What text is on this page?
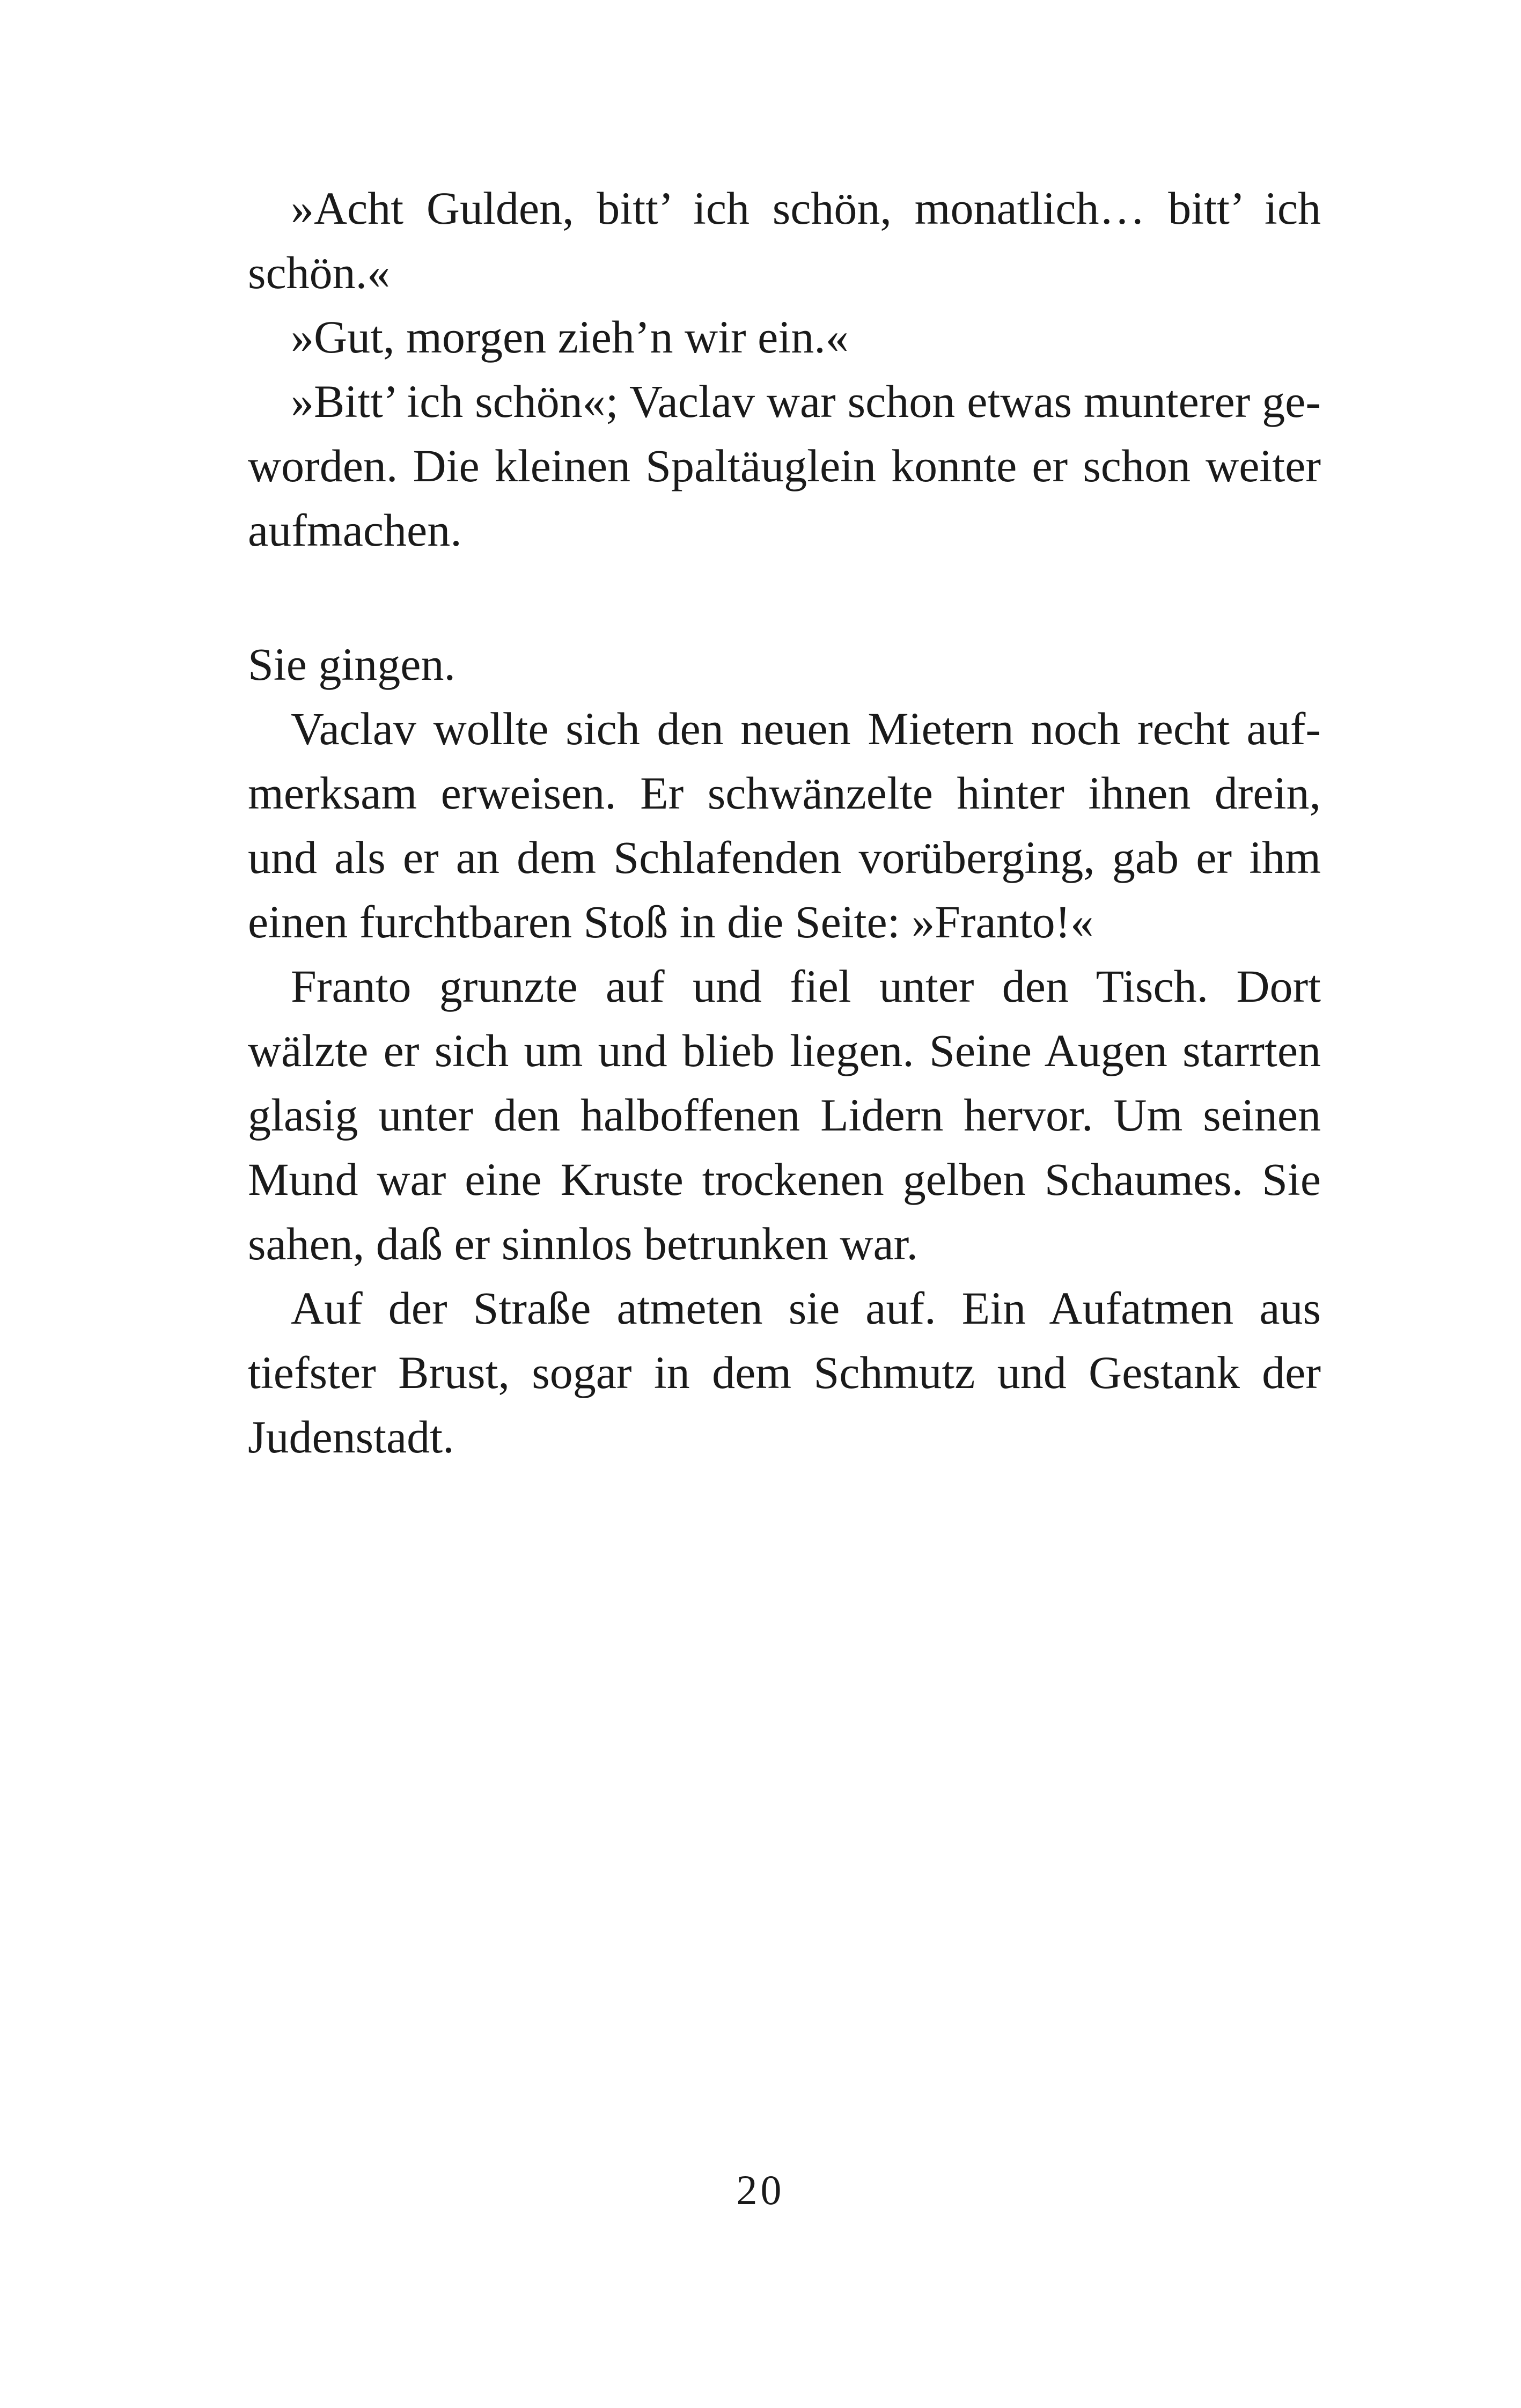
»Acht Gulden, bitt’ ich schön, monatlich… bitt’ ich
schön.«
»Gut, morgen zieh’n wir ein.«
»Bitt’ ich schön«; Vaclav war schon etwas munterer ge-
worden. Die kleinen Spaltäuglein konnte er schon weiter
aufmachen.
Sie gingen.
Vaclav wollte sich den neuen Mietern noch recht auf-
merksam erweisen. Er schwänzelte hinter ihnen drein,
und als er an dem Schlafenden vorüberging, gab er ihm
einen furchtbaren Stoß in die Seite: »Franto!«
Franto grunzte auf und fiel unter den Tisch. Dort
wälzte er sich um und blieb liegen. Seine Augen starrten
glasig unter den halboffenen Lidern hervor. Um seinen
Mund war eine Kruste trockenen gelben Schaumes. Sie
sahen, daß er sinnlos betrunken war.
Auf der Straße atmeten sie auf. Ein Aufatmen aus
tiefster Brust, sogar in dem Schmutz und Gestank der
Judenstadt.
20
